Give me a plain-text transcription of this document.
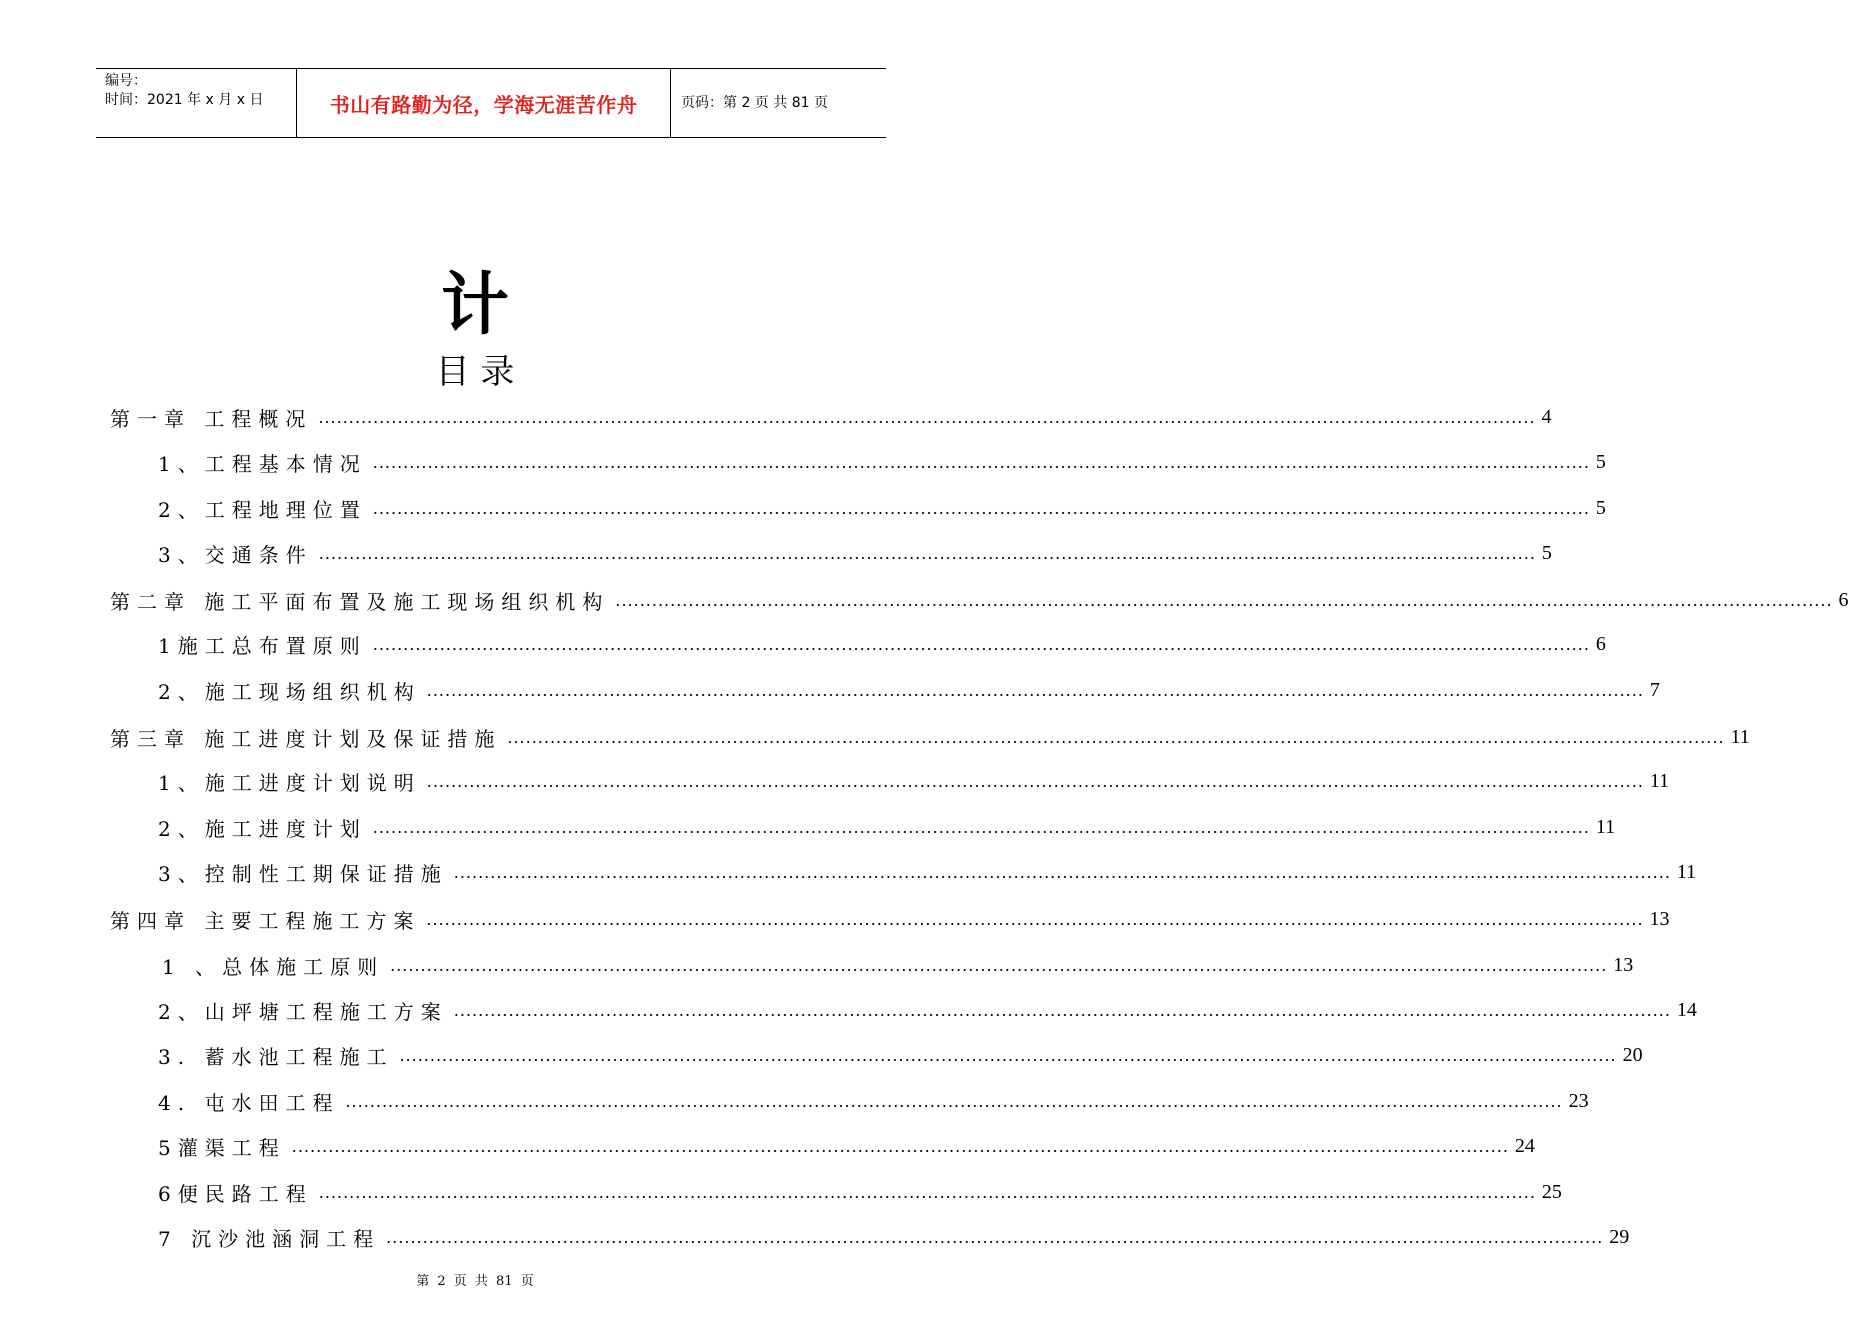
编号：
时间：2021 年 x 月 x 日	书山有路勤为径，学海无涯苦作舟	页码：第 2 页 共 81 页
计
目 录
第一章 工程概况 ........................................................................................................................................................................................................ 4
1、工程基本情况 ........................................................................................................................................................................................................ 5
2、工程地理位置 ........................................................................................................................................................................................................ 5
3、交通条件 ........................................................................................................................................................................................................ 5
第二章 施工平面布置及施工现场组织机构 ........................................................................................................................................................................................................ 6
1施工总布置原则 ........................................................................................................................................................................................................ 6
2、施工现场组织机构 ........................................................................................................................................................................................................ 7
第三章 施工进度计划及保证措施 ........................................................................................................................................................................................................ 11
1、施工进度计划说明 ........................................................................................................................................................................................................ 11
2、施工进度计划 ........................................................................................................................................................................................................ 11
3、控制性工期保证措施 ........................................................................................................................................................................................................ 11
第四章 主要工程施工方案 ........................................................................................................................................................................................................ 13
1 、总体施工原则 ........................................................................................................................................................................................................ 13
2、山坪塘工程施工方案 ........................................................................................................................................................................................................ 14
3. 蓄水池工程施工 ........................................................................................................................................................................................................ 20
4. 屯水田工程 ........................................................................................................................................................................................................ 23
5灌渠工程 ........................................................................................................................................................................................................ 24
6便民路工程 ........................................................................................................................................................................................................ 25
7 沉沙池涵洞工程 ........................................................................................................................................................................................................ 29
第 2 页 共 81 页
